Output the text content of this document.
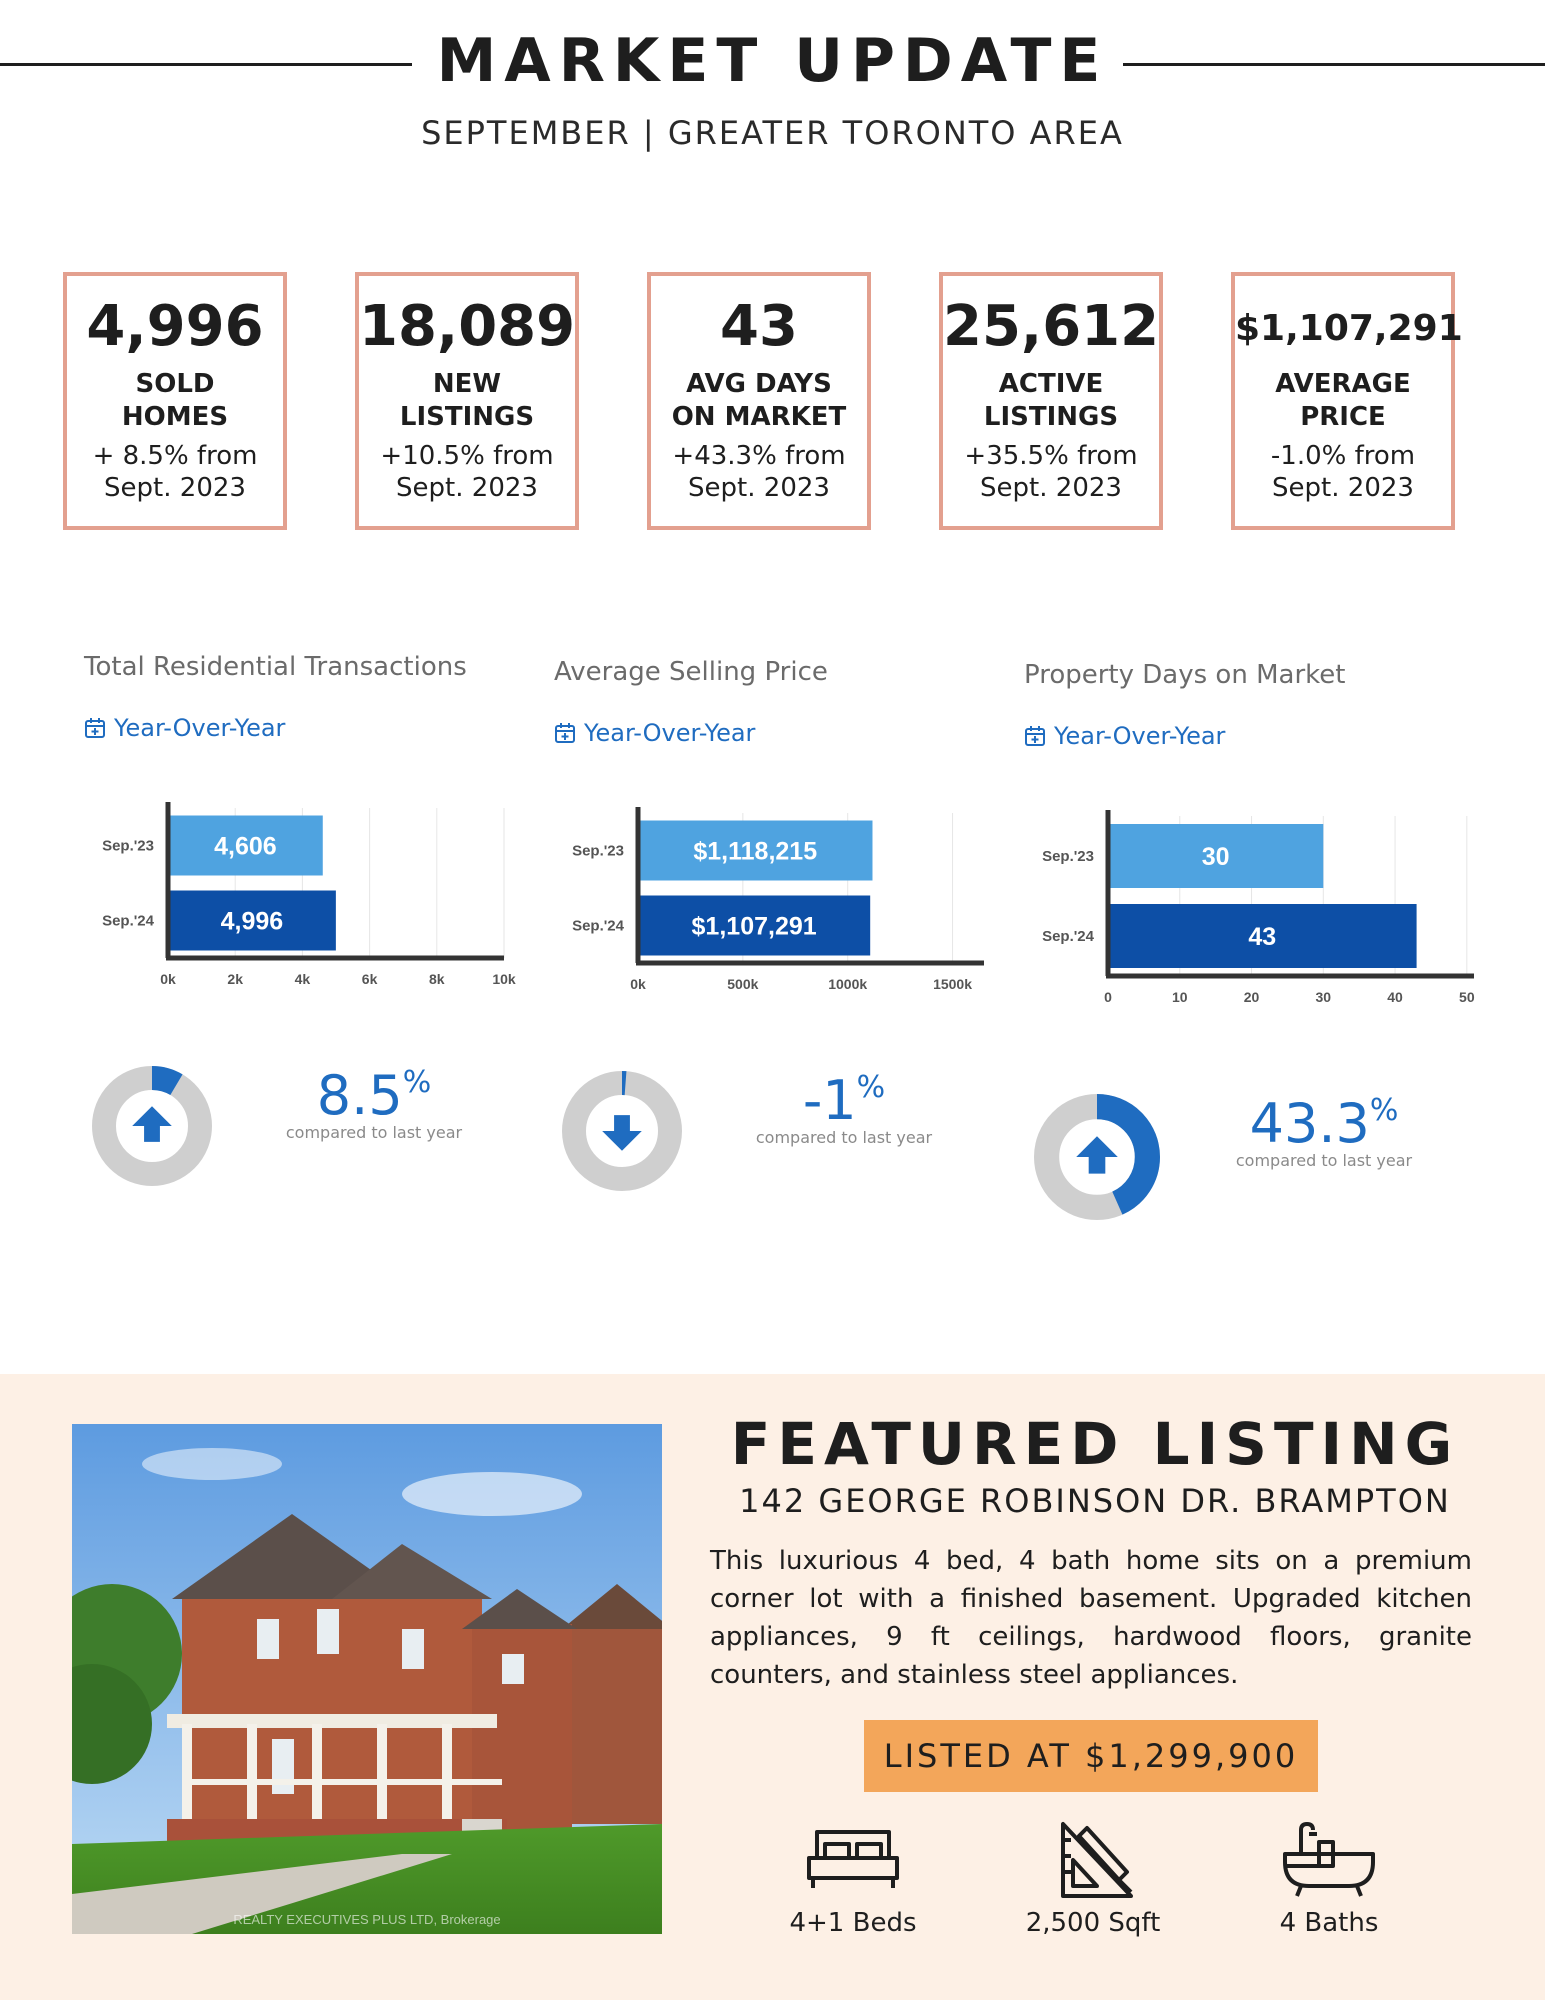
MARKET UPDATE
SEPTEMBER | GREATER TORONTO AREA
4,996
SOLD
HOMES
+ 8.5% from
Sept. 2023
18,089
NEW
LISTINGS
+10.5% from
Sept. 2023
43
AVG DAYS
ON MARKET
+43.3% from
Sept. 2023
25,612
ACTIVE
LISTINGS
+35.5% from
Sept. 2023
$1,107,291
AVERAGE
PRICE
-1.0% from
Sept. 2023
Total Residential Transactions
Year-Over-Year
0k	2k	4k	6k	8k	10k
4,606
Sep.'23
4,996
Sep.'24
8.5%
compared to last year
Average Selling Price
Year-Over-Year
0k	500k	1000k	1500k
$1,118,215
Sep.'23
$1,107,291
Sep.'24
-1%
compared to last year
Property Days on Market
Year-Over-Year
0	10	20	30	40	50
30
Sep.'23
43
Sep.'24
43.3%
compared to last year
REALTY EXECUTIVES PLUS LTD, Brokerage
FEATURED LISTING
142 GEORGE ROBINSON DR. BRAMPTON
This luxurious 4 bed, 4 bath home sits on a premium corner lot with a finished basement. Upgraded kitchen appliances, 9 ft ceilings, hardwood floors, granite counters, and stainless steel appliances.
LISTED AT $1,299,900
4+1 Beds	2,500 Sqft	4 Baths
